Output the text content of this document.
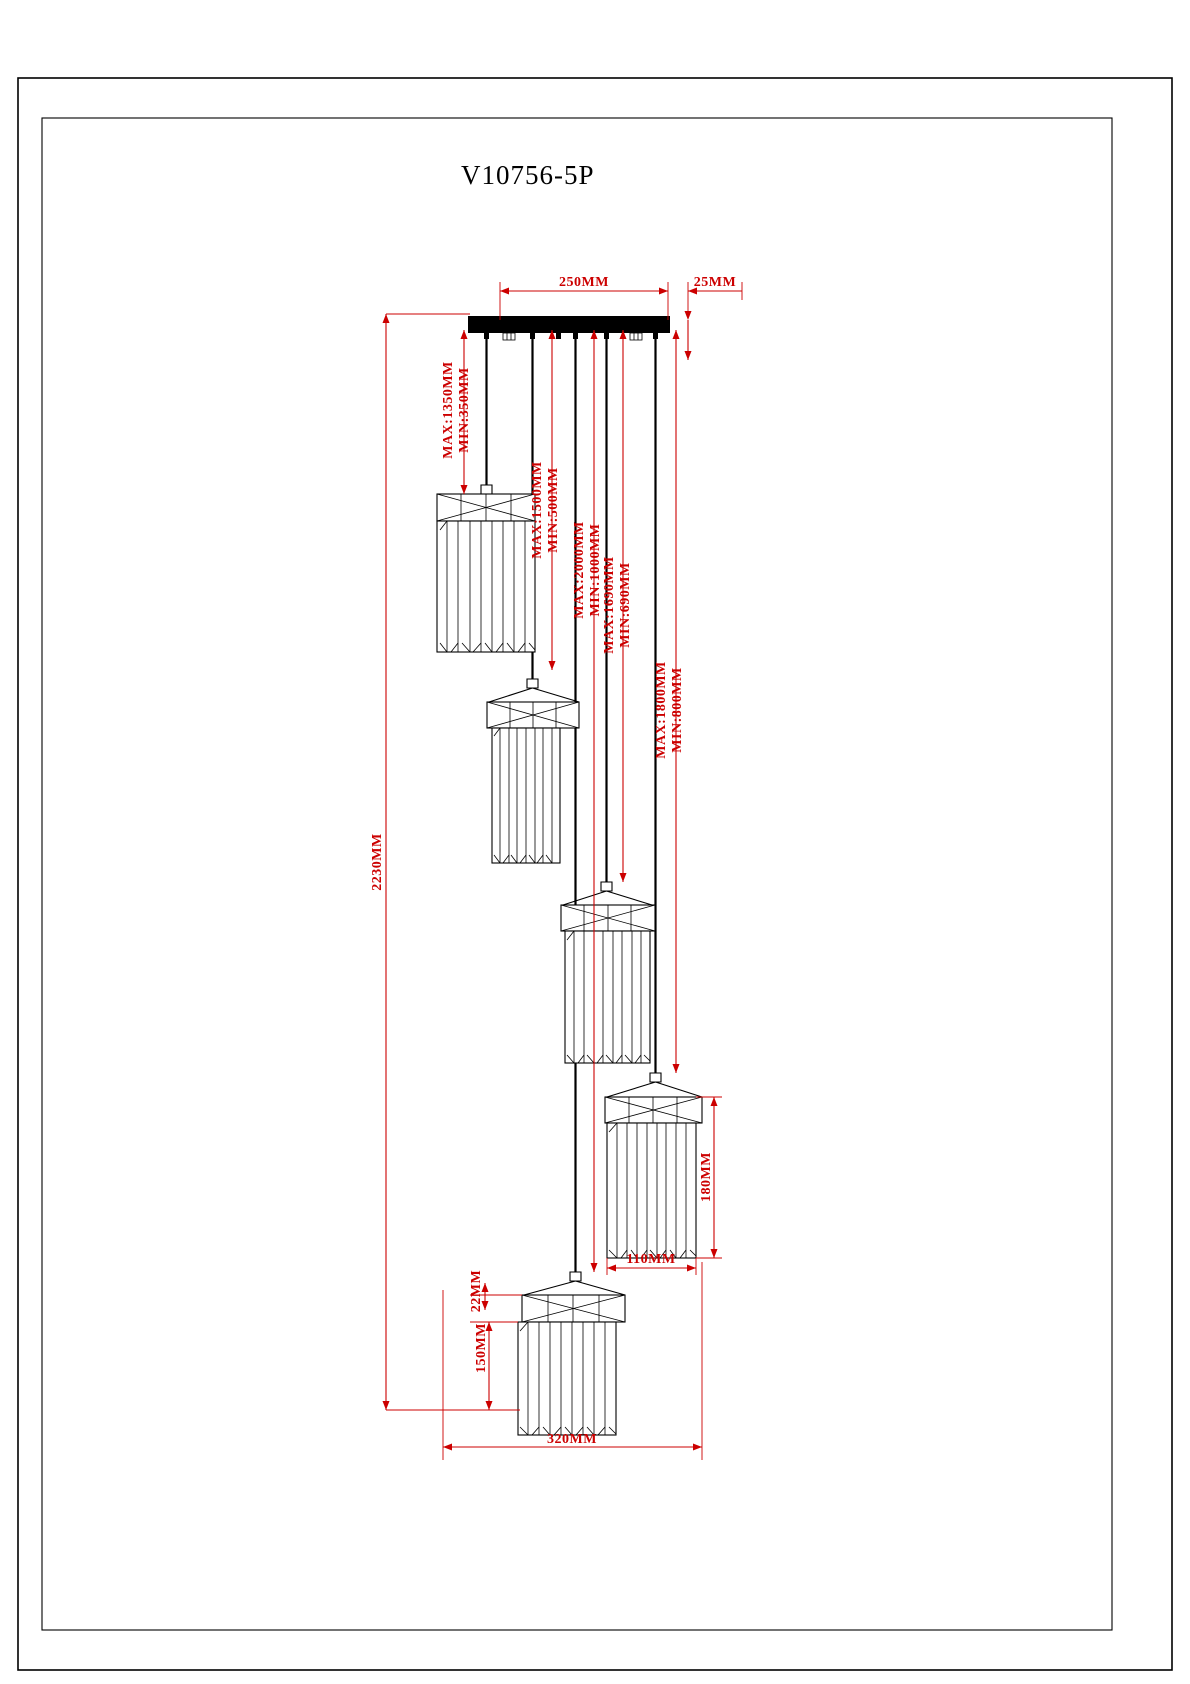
V10756-5P
250MM	25MM
2230MM
320MM
110MM
180MM
150MM
22MM
MAX:1350MM MIN:350MM
MAX:1500MM MIN:500MM
MAX:2000MM MIN:1000MM MAX:1690MM MIN:690MM
MAX:1800MM MIN:800MM
